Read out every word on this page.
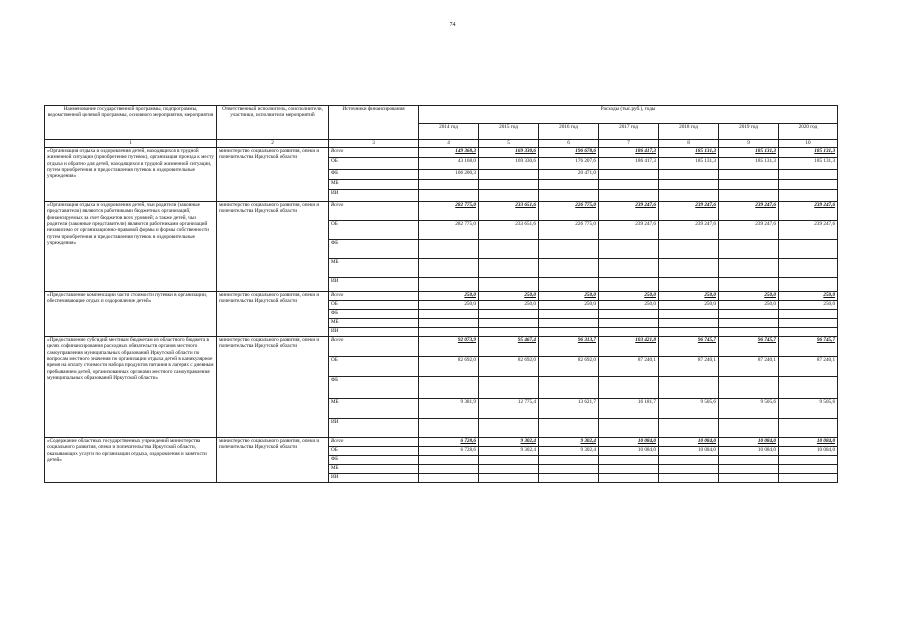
74
Наименование государственной программы, подпрограммы, ведомственной целевой программы, основного мероприятия, мероприятия	Ответственный исполнитель, соисполнители, участники, исполнители мероприятий	Источники финансирования	Расходы (тыс.руб.), годы						
			2014 год	2015 год	2016 год	2017 год	2018 год	2019 год	2020 год
1	2	3	4	5	6	7	8	9	10
«Организация отдыха и оздоровления детей, находящихся в трудной жизненной ситуации (приобретение путевок), организация проезда к месту отдыха и обратно для детей, находящихся в трудной жизненной ситуации, путем приобретения и предоставления путевок в оздоровительные учреждения»	министерство социального развития, опеки и попечительства Иркутской области	Всего	149 368,3	169 330,6	196 678,6	186 417,3	185 131,3	185 131,3	185 131,3
		ОБ	43 168,0	169 330,6	176 207,6	186 417,3	185 131,3	185 131,3	185 131,3
		ФБ	106 200,3		20 471,0				
		МБ							
		ИИ							
«Организация отдыха и оздоровления детей, чьи родители (законные представители) являются работниками бюджетных организаций, финансируемых за счет бюджетов всех уровней; а также детей, чьи родители (законные представители) являются работниками организаций независимо от организационно-правовой формы и формы собственности путем приобретения и предоставления путевок в оздоровительные учреждения»	министерство социального развития, опеки и попечительства Иркутской области	Всего	282 775,0	233 651,6	226 775,0	239 247,6	239 247,6	239 247,6	239 247,6
		ОБ	282 775,0	233 651,6	226 775,0	239 247,6	239 247,6	239 247,6	239 247,6
		ФБ							
		МБ							
		ИИ							
«Предоставление компенсации части стоимости путевки в организации, обеспечивающие отдых и оздоровление детей»	министерство социального развития, опеки и попечительства Иркутской области	Всего	250,0	250,0	250,0	250,0	250,0	250,0	250,0
		ОБ	250,0	250,0	250,0	250,0	250,0	250,0	250,0
		ФБ							
		МБ							
		ИИ							
«Предоставление субсидий местным бюджетам из областного бюджета в целях софинансирования расходных обязательств органов местного самоуправления муниципальных образований Иркутской области по вопросам местного значения по организации отдыха детей в каникулярное время на оплату стоимости набора продуктов питания в лагерях с дневным пребыванием детей, организованных органами местного самоуправления муниципальных образований Иркутской области»	министерство социального развития, опеки и попечительства Иркутской области	Всего	92 073,9	95 467,4	96 313,7	103 421,8	96 745,7	96 745,7	96 745,7
		ОБ	82 692,0	82 692,0	82 692,0	87 240,1	87 240,1	87 240,1	87 240,1
		ФБ							
		МБ	9 381,9	12 775,4	13 621,7	16 181,7	9 505,6	9 505,6	9 505,6
		ИИ							
«Содержание областных государственных учреждений министерства социального развития, опеки и попечительства Иркутской области, оказывающих услуги по организации отдыха, оздоровления и занятости детей»	министерство социального развития, опеки и попечительства Иркутской области	Всего	6 728,6	9 302,4	9 302,4	10 084,0	10 084,0	10 084,0	10 084,0
		ОБ	6 728,6	9 302,4	9 302,4	10 084,0	10 084,0	10 084,0	10 084,0
		ФБ							
		МБ							
		ИИ							
